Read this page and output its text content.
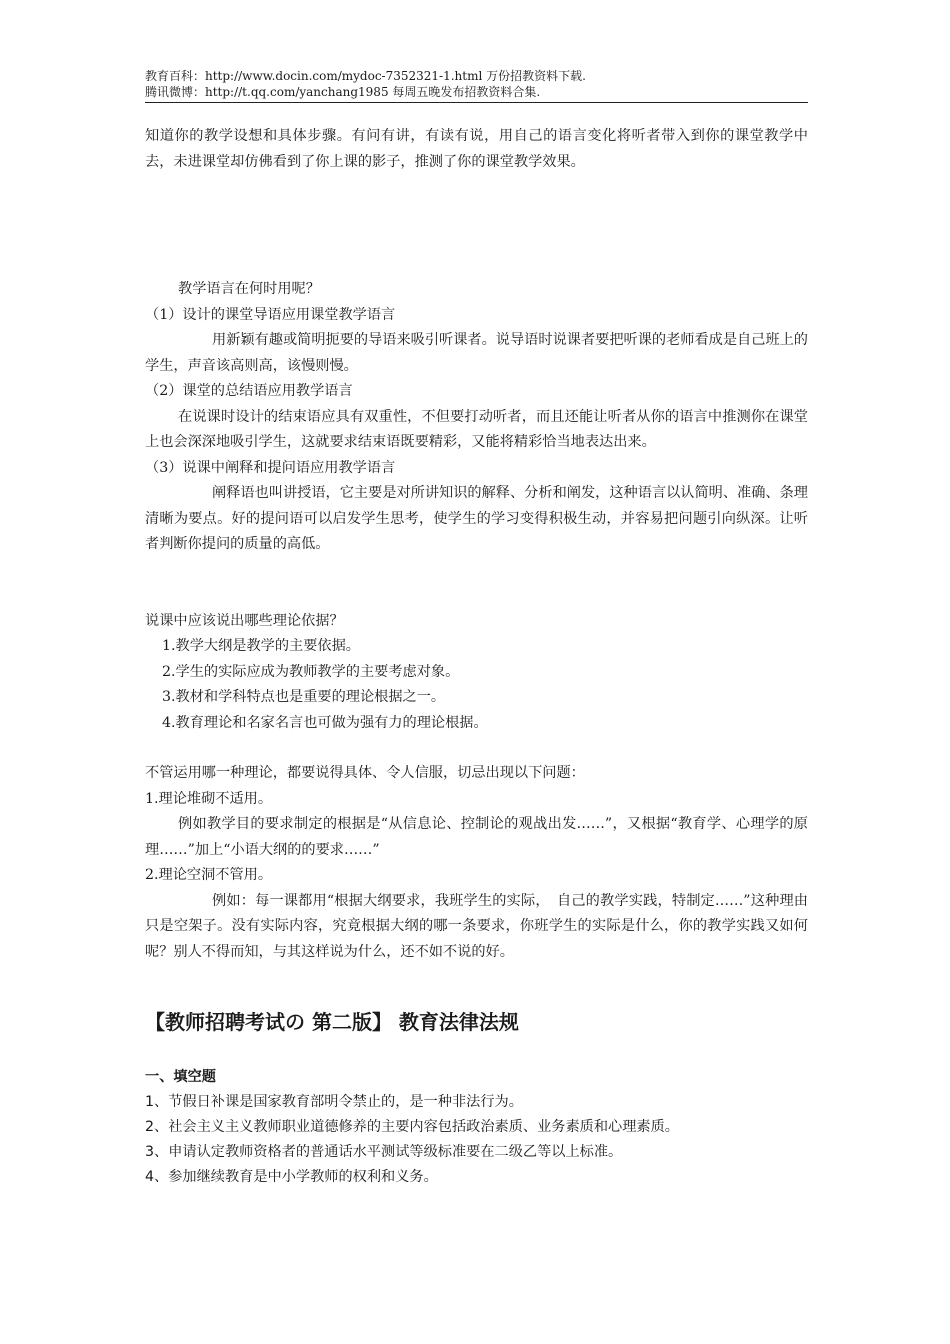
教育百科：http://www.docin.com/mydoc-7352321-1.html 万份招教资料下载.
腾讯微博：http://t.qq.com/yanchang1985 每周五晚发布招教资料合集.

知道你的教学设想和具体步骤。有问有讲，有读有说，用自己的语言变化将听者带入到你的课堂教学中去，未进课堂却仿佛看到了你上课的影子，推测了你的课堂教学效果。

教学语言在何时用呢？

（1）设计的课堂导语应用课堂教学语言

用新颖有趣或简明扼要的导语来吸引听课者。说导语时说课者要把听课的老师看成是自己班上的学生，声音该高则高，该慢则慢。

（2）课堂的总结语应用教学语言

在说课时设计的结束语应具有双重性，不但要打动听者，而且还能让听者从你的语言中推测你在课堂上也会深深地吸引学生，这就要求结束语既要精彩，又能将精彩恰当地表达出来。

（3）说课中阐释和提问语应用教学语言

阐释语也叫讲授语，它主要是对所讲知识的解释、分析和阐发，这种语言以认简明、准确、条理清晰为要点。好的提问语可以启发学生思考，使学生的学习变得积极生动，并容易把问题引向纵深。让听者判断你提问的质量的高低。

说课中应该说出哪些理论依据？

1.教学大纲是教学的主要依据。

2.学生的实际应成为教师教学的主要考虑对象。

3.教材和学科特点也是重要的理论根据之一。

4.教育理论和名家名言也可做为强有力的理论根据。

不管运用哪一种理论，都要说得具体、令人信服，切忌出现以下问题：

1.理论堆砌不适用。

例如教学目的要求制定的根据是“从信息论、控制论的观战出发……”，又根据“教育学、心理学的原理……”加上“小语大纲的的要求……”

2.理论空洞不管用。

例如：每一课都用“根据大纲要求，我班学生的实际，　自己的教学实践，特制定……”这种理由只是空架子。没有实际内容，究竟根据大纲的哪一条要求，你班学生的实际是什么，你的教学实践又如何呢？别人不得而知，与其这样说为什么，还不如不说的好。

【教师招聘考试の 第二版】 教育法律法规

一、填空题

1、节假日补课是国家教育部明令禁止的，是一种非法行为。

2、社会主义主义教师职业道德修养的主要内容包括政治素质、业务素质和心理素质。

3、申请认定教师资格者的普通话水平测试等级标准要在二级乙等以上标准。

4、参加继续教育是中小学教师的权利和义务。
